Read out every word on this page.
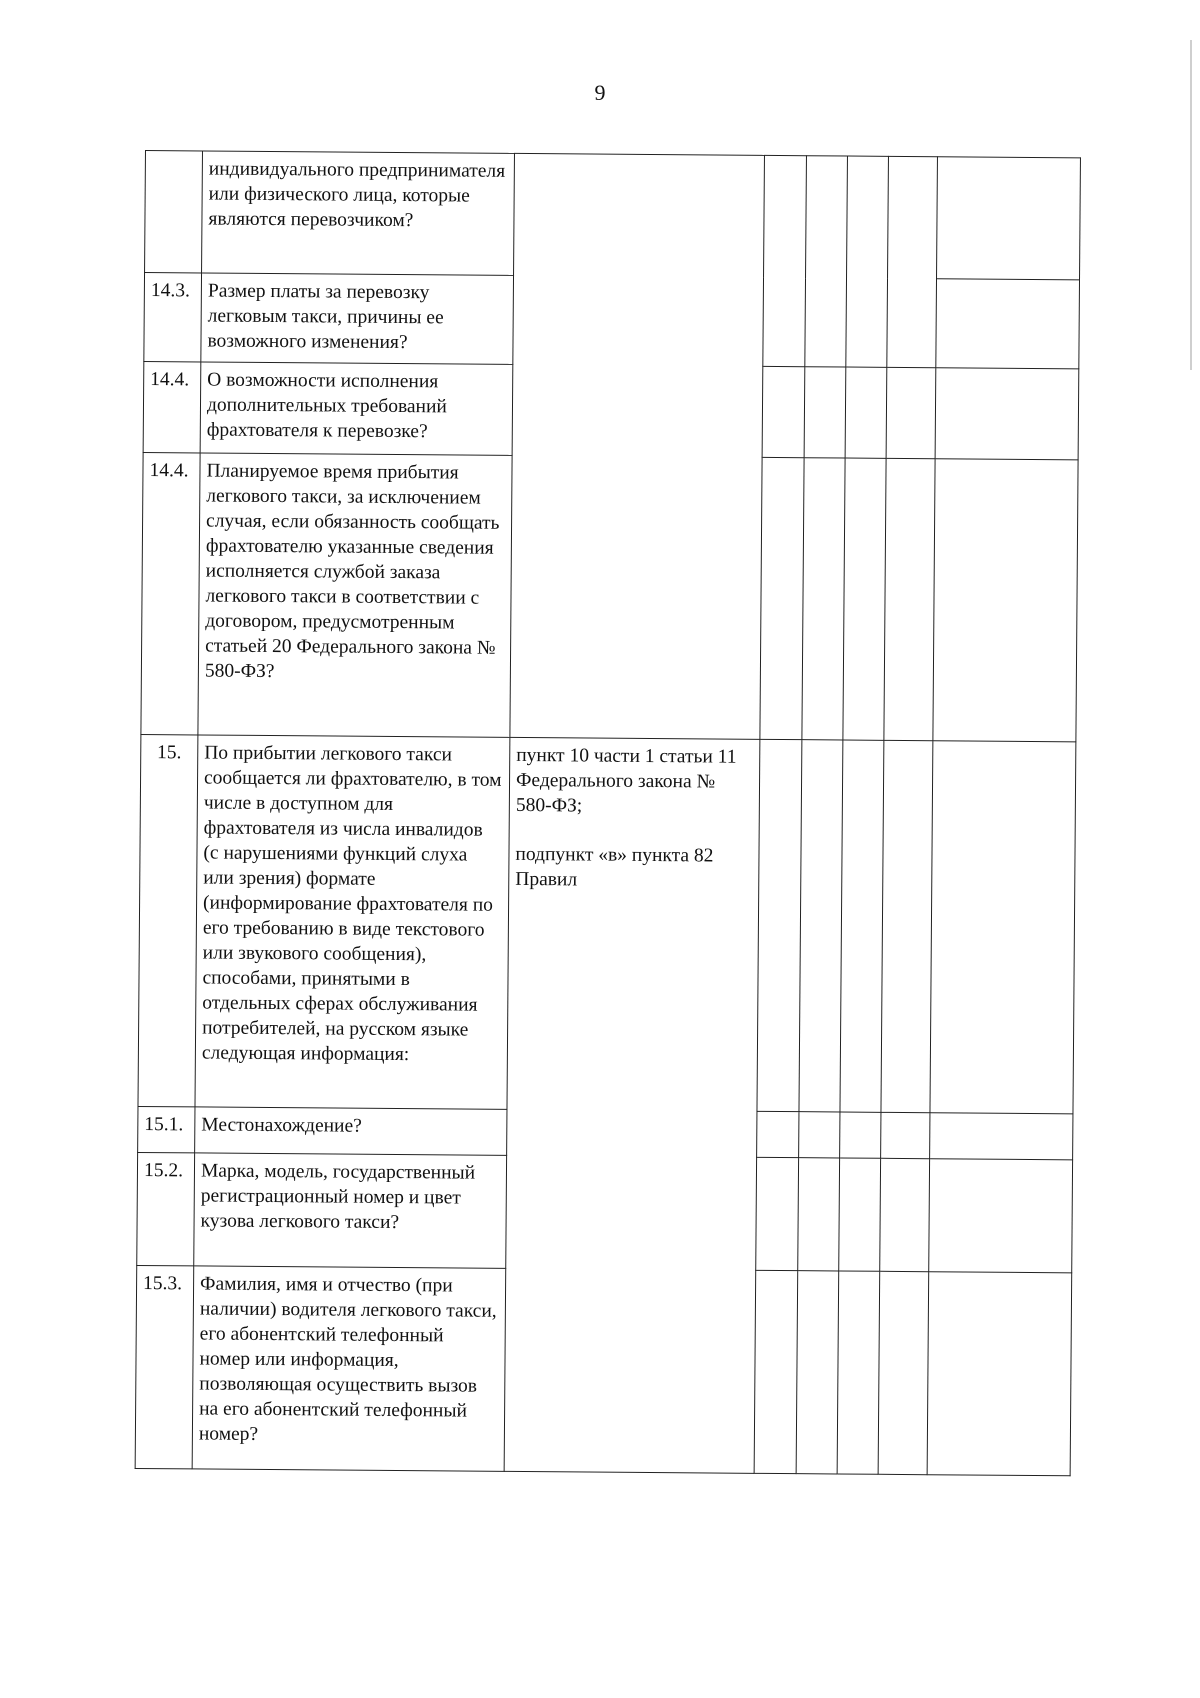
9
	индивидуального предпринимателя или физического лица, которые являются перевозчиком?						
14.3.	Размер платы за перевозку легковым такси, причины ее возможного изменения?						
14.4.	О возможности исполнения дополнительных требований фрахтователя к перевозке?						
14.4.	Планируемое время прибытия легкового такси, за исключением случая, если обязанность сообщать фрахтователю указанные сведения исполняется службой заказа легкового такси в соответствии с договором, предусмотренным статьей 20 Федерального закона № 580-ФЗ?						
15.	По прибытии легкового такси сообщается ли фрахтователю, в том числе в доступном для фрахтователя из числа инвалидов (с нарушениями функций слуха или зрения) формате (информирование фрахтователя по его требованию в виде текстового или звукового сообщения), способами, принятыми в отдельных сферах обслуживания потребителей, на русском языке следующая информация:	пункт 10 части 1 статьи 11 Федерального закона № 580-ФЗ;

подпункт «в» пункта 82 Правил					

15.1.	Местонахождение?						
15.2.	Марка, модель, государственный регистрационный номер и цвет кузова легкового такси?						
15.3.	Фамилия, имя и отчество (при наличии) водителя легкового такси, его абонентский телефонный номер или информация, позволяющая осуществить вызов на его абонентский телефонный номер?						
